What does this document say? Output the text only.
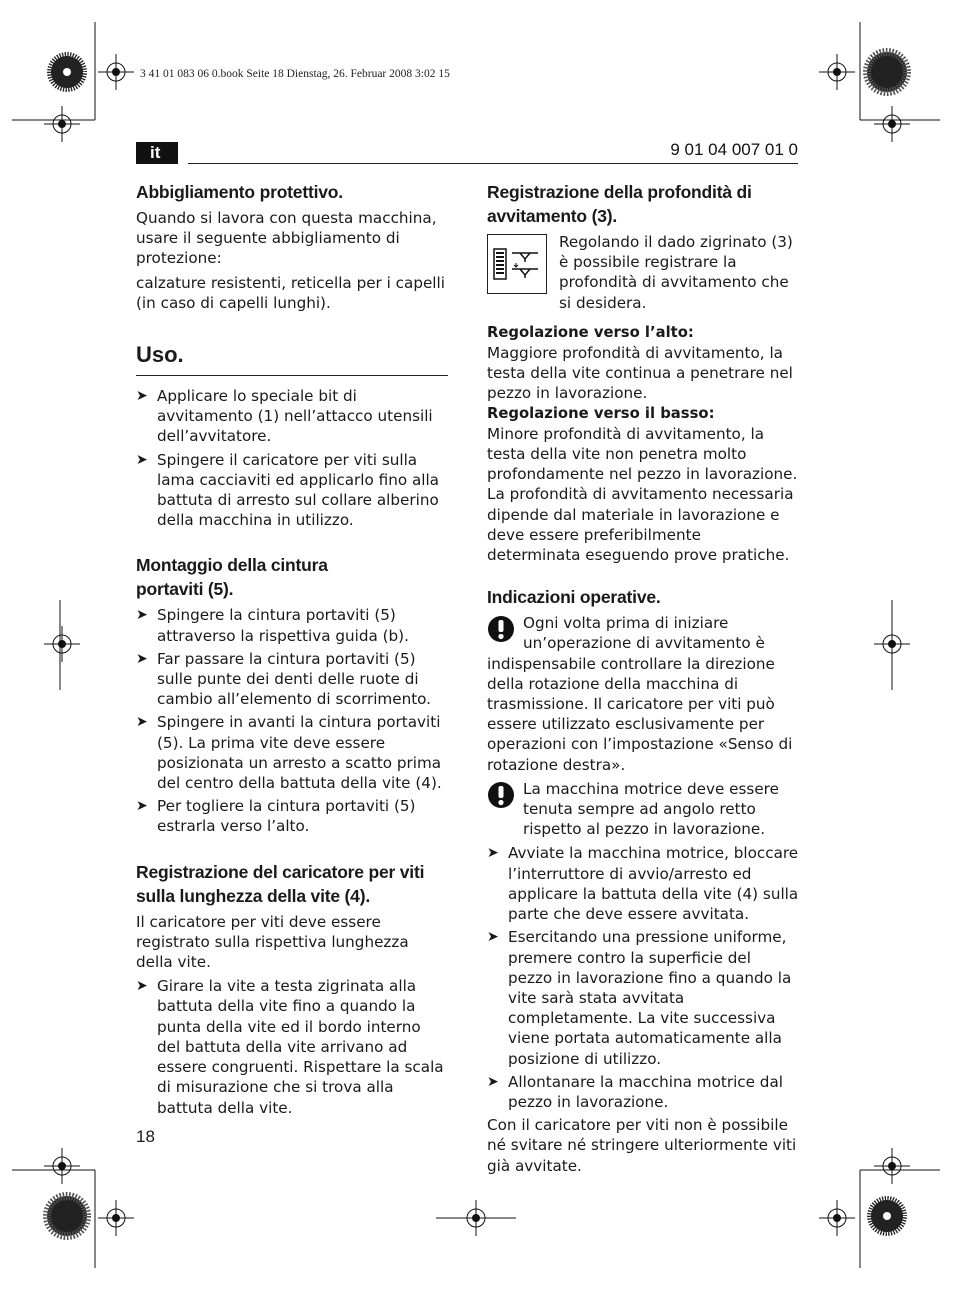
3 41 01 083 06 0.book Seite 18 Dienstag, 26. Februar 2008 3:02 15
it	9 01 04 007 01 0
Abbigliamento protettivo.

Quando si lavora con questa macchina, usare il seguente abbigliamento di protezione:

calzature resistenti, reticella per i capelli (in caso di capelli lunghi).

Uso.
➤ Applicare lo speciale bit di avvitamento (1) nell’attacco utensili dell’avvitatore.
➤ Spingere il caricatore per viti sulla lama cacciaviti ed applicarlo fino alla battuta di arresto sul collare alberino della macchina in utilizzo.
Montaggio della cintura portaviti (5).
➤ Spingere la cintura portaviti (5) attraverso la rispettiva guida (b).
➤ Far passare la cintura portaviti (5) sulle punte dei denti delle ruote di cambio all’elemento di scorrimento.
➤ Spingere in avanti la cintura portaviti (5). La prima vite deve essere posizionata un arresto a scatto prima del centro della battuta della vite (4).
➤ Per togliere la cintura portaviti (5) estrarla verso l’alto.
Registrazione del caricatore per viti sulla lunghezza della vite (4).

Il caricatore per viti deve essere registrato sulla rispettiva lunghezza della vite.

➤ Girare la vite a testa zigrinata alla battuta della vite fino a quando la punta della vite ed il bordo interno del battuta della vite arrivano ad essere congruenti. Rispettare la scala di misurazione che si trova alla battuta della vite.
Registrazione della profondità di avvitamento (3).

Regolando il dado zigrinato (3) è possibile registrare la profondità di avvitamento che si desidera.

Regolazione verso l’alto:

Maggiore profondità di avvitamento, la testa della vite continua a penetrare nel pezzo in lavorazione.

Regolazione verso il basso:

Minore profondità di avvitamento, la testa della vite non penetra molto profondamente nel pezzo in lavorazione.

La profondità di avvitamento necessaria dipende dal materiale in lavorazione e deve essere preferibilmente determinata eseguendo prove pratiche.

Indicazioni operative.

Ogni volta prima di iniziare un’operazione di avvitamento è indispensabile controllare la direzione della rotazione della macchina di trasmissione. Il caricatore per viti può essere utilizzato esclusivamente per operazioni con l’impostazione «Senso di rotazione destra».

La macchina motrice deve essere tenuta sempre ad angolo retto rispetto al pezzo in lavorazione.

➤ Avviate la macchina motrice, bloccare l’interruttore di avvio/arresto ed applicare la battuta della vite (4) sulla parte che deve essere avvitata.
➤ Esercitando una pressione uniforme, premere contro la superficie del pezzo in lavorazione fino a quando la vite sarà stata avvitata completamente. La vite successiva viene portata automaticamente alla posizione di utilizzo.
➤ Allontanare la macchina motrice dal pezzo in lavorazione.

Con il caricatore per viti non è possibile né svitare né stringere ulteriormente viti già avvitate.

18
